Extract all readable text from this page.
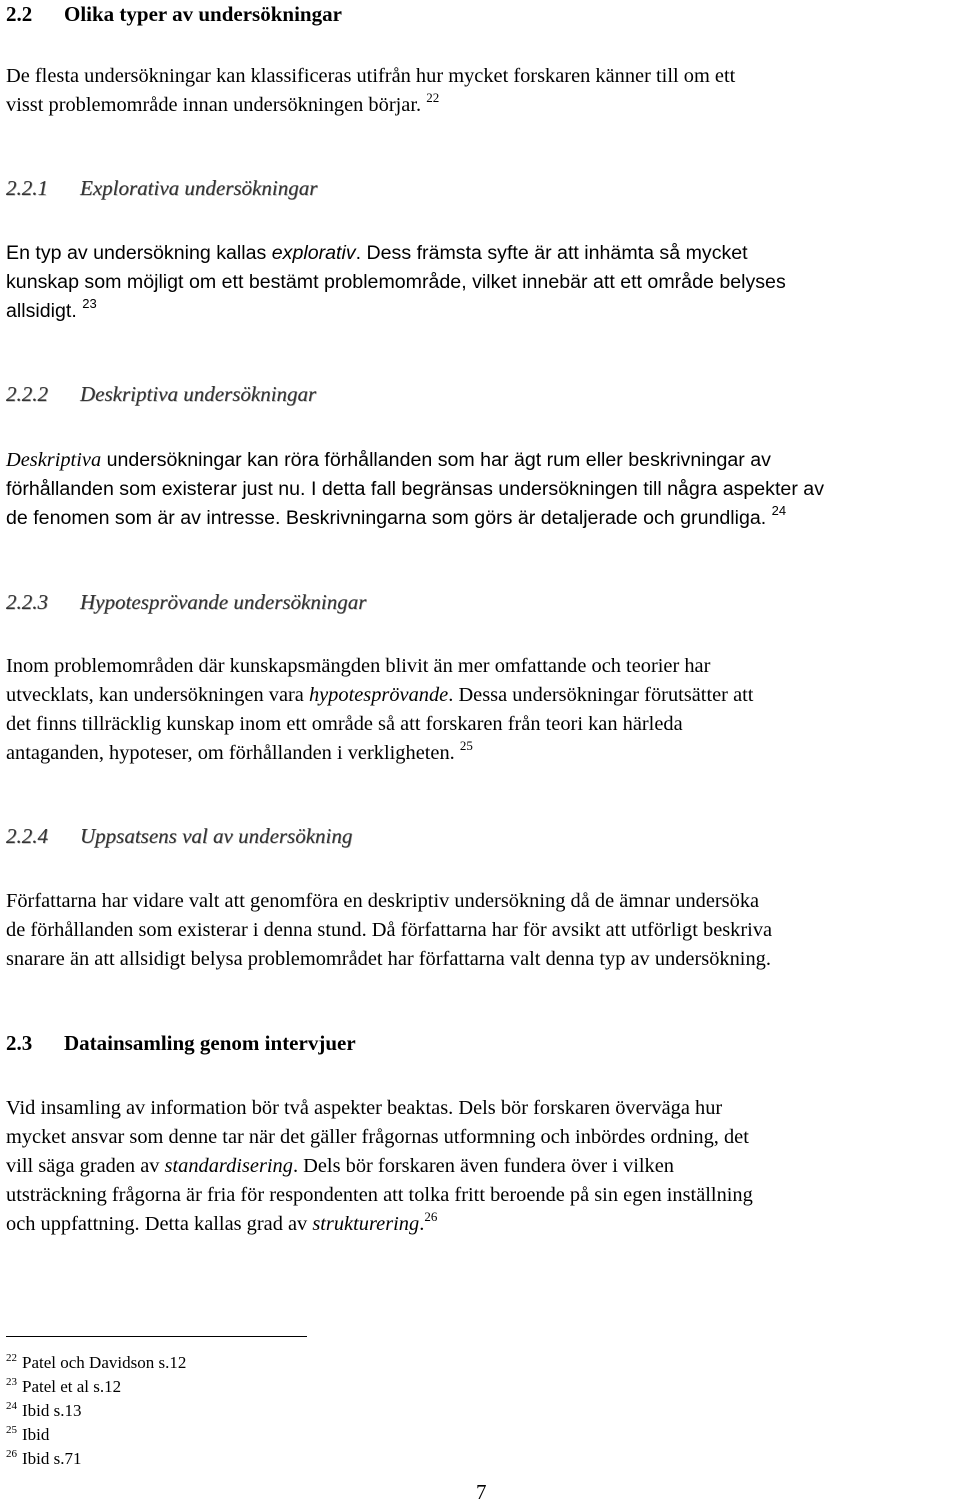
2.2 Olika typer av undersökningar
De flesta undersökningar kan klassificeras utifrån hur mycket forskaren känner till om ett
visst problemområde innan undersökningen börjar. $^{22}$
2.2.1 Explorativa undersökningar
En typ av undersökning kallas explorativ. Dess främsta syfte är att inhämta så mycket
kunskap som möjligt om ett bestämt problemområde, vilket innebär att ett område belyses
allsidigt. $^{23}$
2.2.2 Deskriptiva undersökningar
Deskriptiva undersökningar kan röra förhållanden som har ägt rum eller beskrivningar av
förhållanden som existerar just nu. I detta fall begränsas undersökningen till några aspekter av
de fenomen som är av intresse. Beskrivningarna som görs är detaljerade och grundliga. $^{24}$
2.2.3 Hypotesprövande undersökningar
Inom problemområden där kunskapsmängden blivit än mer omfattande och teorier har
utvecklats, kan undersökningen vara hypotesprövande. Dessa undersökningar förutsätter att
det finns tillräcklig kunskap inom ett område så att forskaren från teori kan härleda
antaganden, hypoteser, om förhållanden i verkligheten. $^{25}$
2.2.4 Uppsatsens val av undersökning
Författarna har vidare valt att genomföra en deskriptiv undersökning då de ämnar undersöka
de förhållanden som existerar i denna stund. Då författarna har för avsikt att utförligt beskriva
snarare än att allsidigt belysa problemområdet har författarna valt denna typ av undersökning.
2.3 Datainsamling genom intervjuer
Vid insamling av information bör två aspekter beaktas. Dels bör forskaren överväga hur
mycket ansvar som denne tar när det gäller frågornas utformning och inbördes ordning, det
vill säga graden av standardisering. Dels bör forskaren även fundera över i vilken
utsträckning frågorna är fria för respondenten att tolka fritt beroende på sin egen inställning
och uppfattning. Detta kallas grad av strukturering.$^{26}$
$^{22}$ Patel och Davidson s.12
$^{23}$ Patel et al s.12
$^{24}$ Ibid s.13
$^{25}$ Ibid
$^{26}$ Ibid s.71
7
